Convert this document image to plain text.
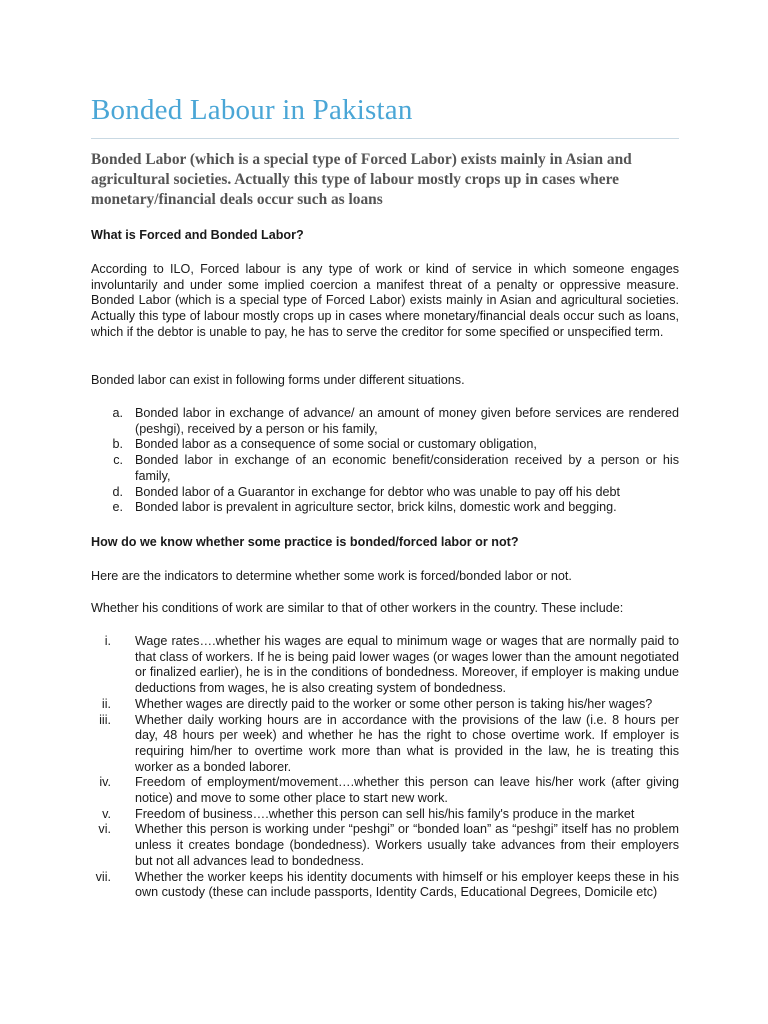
Bonded Labour in Pakistan

Bonded Labor (which is a special type of Forced Labor) exists mainly in Asian and agricultural societies. Actually this type of labour mostly crops up in cases where monetary/financial deals occur such as loans

What is Forced and Bonded Labor?

According to ILO, Forced labour is any type of work or kind of service in which someone engages involuntarily and under some implied coercion a manifest threat of a penalty or oppressive measure. Bonded Labor (which is a special type of Forced Labor) exists mainly in Asian and agricultural societies. Actually this type of labour mostly crops up in cases where monetary/financial deals occur such as loans, which if the debtor is unable to pay, he has to serve the creditor for some specified or unspecified term.

Bonded labor can exist in following forms under different situations.

a. Bonded labor in exchange of advance/ an amount of money given before services are rendered (peshgi), received by a person or his family,
b. Bonded labor as a consequence of some social or customary obligation,
c. Bonded labor in exchange of an economic benefit/consideration received by a person or his family,
d. Bonded labor of a Guarantor in exchange for debtor who was unable to pay off his debt
e. Bonded labor is prevalent in agriculture sector, brick kilns, domestic work and begging.

How do we know whether some practice is bonded/forced labor or not?

Here are the indicators to determine whether some work is forced/bonded labor or not.

Whether his conditions of work are similar to that of other workers in the country. These include:

i. Wage rates….whether his wages are equal to minimum wage or wages that are normally paid to that class of workers. If he is being paid lower wages (or wages lower than the amount negotiated or finalized earlier), he is in the conditions of bondedness. Moreover, if employer is making undue deductions from wages, he is also creating system of bondedness.
ii. Whether wages are directly paid to the worker or some other person is taking his/her wages?
iii. Whether daily working hours are in accordance with the provisions of the law (i.e. 8 hours per day, 48 hours per week) and whether he has the right to chose overtime work. If employer is requiring him/her to overtime work more than what is provided in the law, he is treating this worker as a bonded laborer.
iv. Freedom of employment/movement….whether this person can leave his/her work (after giving notice) and move to some other place to start new work.
v. Freedom of business….whether this person can sell his/his family's produce in the market
vi. Whether this person is working under “peshgi” or “bonded loan” as “peshgi” itself has no problem unless it creates bondage (bondedness). Workers usually take advances from their employers but not all advances lead to bondedness.
vii. Whether the worker keeps his identity documents with himself or his employer keeps these in his own custody (these can include passports, Identity Cards, Educational Degrees, Domicile etc)
